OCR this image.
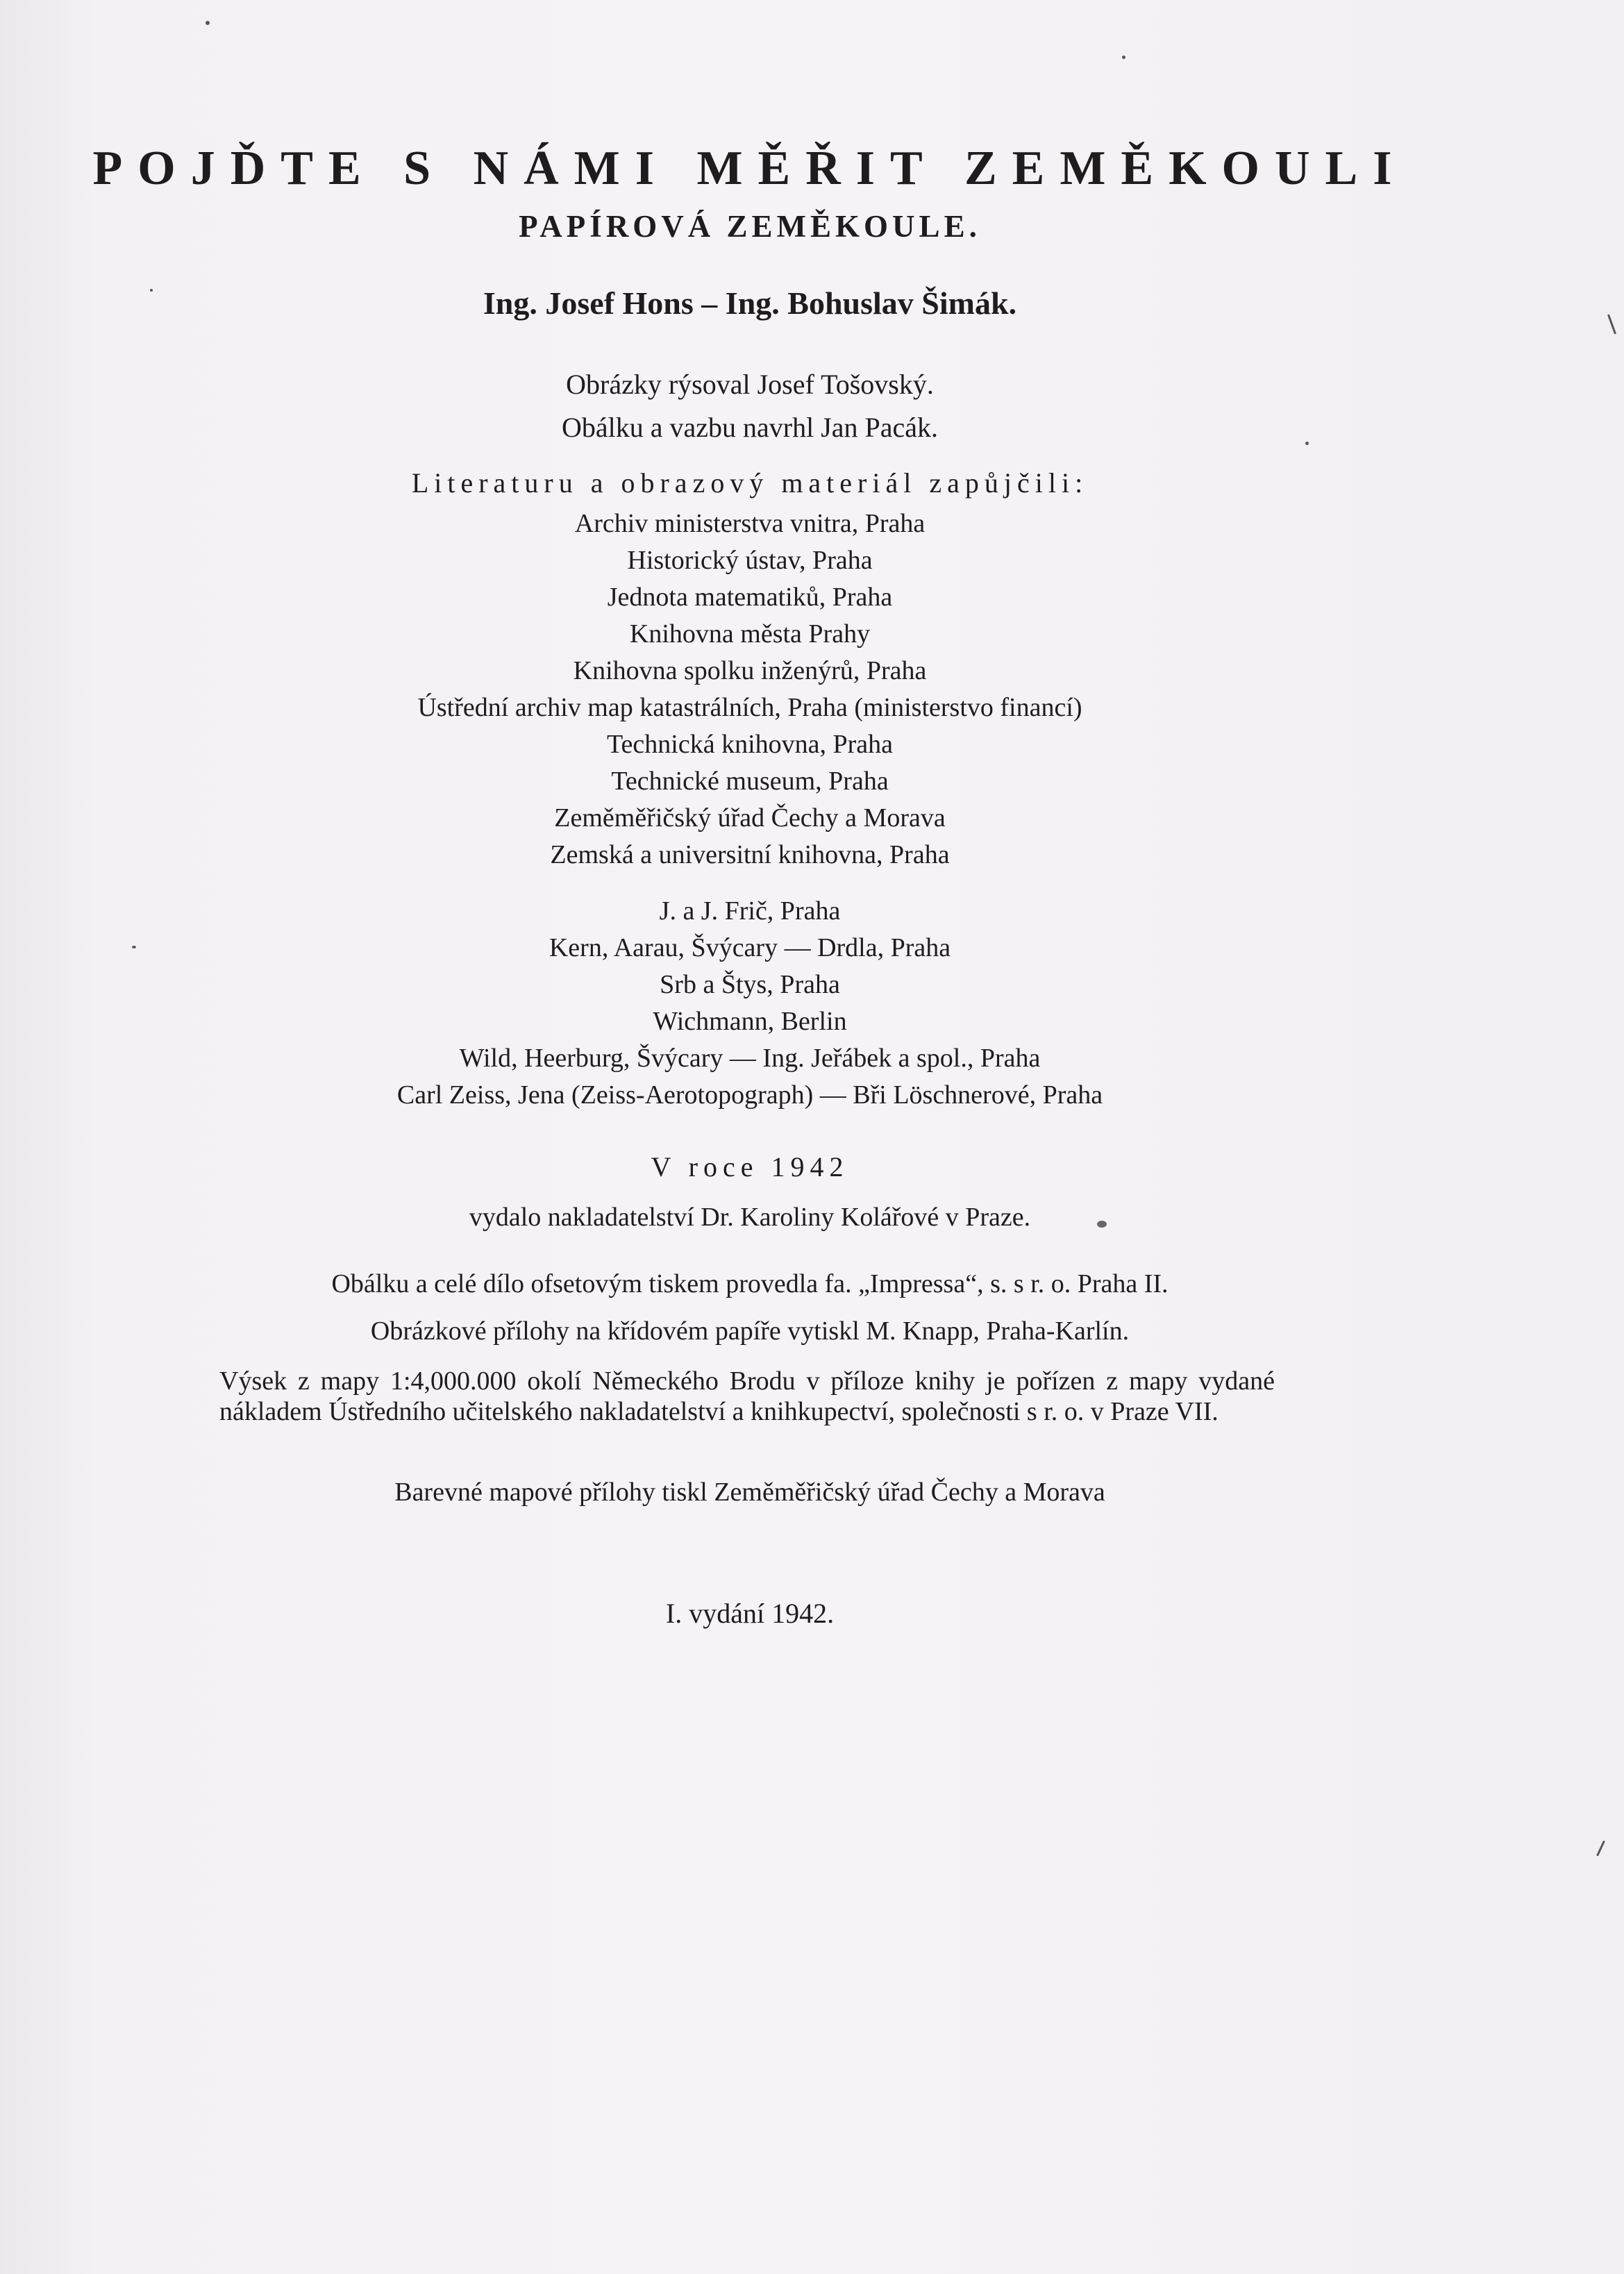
POJĎTE S NÁMI MĚŘIT ZEMĚKOULI
PAPÍROVÁ ZEMĚKOULE.
Ing. Josef Hons – Ing. Bohuslav Šimák.
Obrázky rýsoval Josef Tošovský.
Obálku a vazbu navrhl Jan Pacák.
Literaturu a obrazový materiál zapůjčili:
Archiv ministerstva vnitra, Praha
Historický ústav, Praha
Jednota matematiků, Praha
Knihovna města Prahy
Knihovna spolku inženýrů, Praha
Ústřední archiv map katastrálních, Praha (ministerstvo financí)
Technická knihovna, Praha
Technické museum, Praha
Zeměměřičský úřad Čechy a Morava
Zemská a universitní knihovna, Praha
J. a J. Frič, Praha
Kern, Aarau, Švýcary — Drdla, Praha
Srb a Štys, Praha
Wichmann, Berlin
Wild, Heerburg, Švýcary — Ing. Jeřábek a spol., Praha
Carl Zeiss, Jena (Zeiss-Aerotopograph) — Bři Löschnerové, Praha
V roce 1942
vydalo nakladatelství Dr. Karoliny Kolářové v Praze.
Obálku a celé dílo ofsetovým tiskem provedla fa. „Impressa“, s. s r. o. Praha II.
Obrázkové přílohy na křídovém papíře vytiskl M. Knapp, Praha-Karlín.
Výsek z mapy 1:4,000.000 okolí Německého Brodu v příloze knihy je pořízen z mapy vydané nákladem Ústředního učitelského nakladatelství a knihkupectví, společnosti s r. o. v Praze VII.
Barevné mapové přílohy tiskl Zeměměřičský úřad Čechy a Morava
I. vydání 1942.
